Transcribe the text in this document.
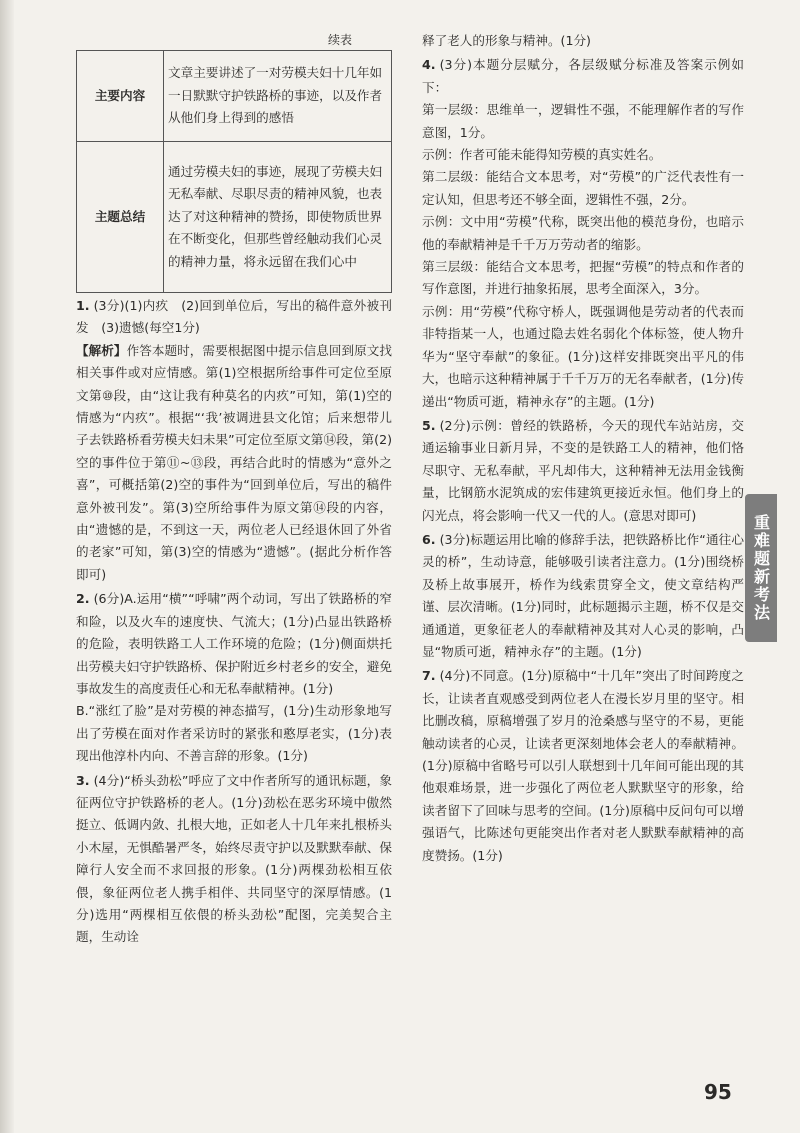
续表
主要内容	文章主要讲述了一对劳模夫妇十几年如一日默默守护铁路桥的事迹，以及作者从他们身上得到的感悟
主题总结	通过劳模夫妇的事迹，展现了劳模夫妇无私奉献、尽职尽责的精神风貌，也表达了对这种精神的赞扬，即使物质世界在不断变化，但那些曾经触动我们心灵的精神力量，将永远留在我们心中

1. (3分)(1)内疚　(2)回到单位后，写出的稿件意外被刊发　(3)遗憾(每空1分)

【解析】作答本题时，需要根据图中提示信息回到原文找相关事件或对应情感。第(1)空根据所给事件可定位至原文第⑩段，由“这让我有种莫名的内疚”可知，第(1)空的情感为“内疚”。根据“‘我’被调进县文化馆；后来想带儿子去铁路桥看劳模夫妇未果”可定位至原文第⑭段，第(2)空的事件位于第⑪~⑬段，再结合此时的情感为“意外之喜”，可概括第(2)空的事件为“回到单位后，写出的稿件意外被刊发”。第(3)空所给事件为原文第⑭段的内容，由“遗憾的是，不到这一天，两位老人已经退休回了外省的老家”可知，第(3)空的情感为“遗憾”。(据此分析作答即可)

2. (6分)A.运用“横”“呼啸”两个动词，写出了铁路桥的窄和险，以及火车的速度快、气流大；(1分)凸显出铁路桥的危险，表明铁路工人工作环境的危险；(1分)侧面烘托出劳模夫妇守护铁路桥、保护附近乡村老乡的安全，避免事故发生的高度责任心和无私奉献精神。(1分)

B.“涨红了脸”是对劳模的神态描写，(1分)生动形象地写出了劳模在面对作者采访时的紧张和憨厚老实，(1分)表现出他淳朴内向、不善言辞的形象。(1分)

3. (4分)“桥头劲松”呼应了文中作者所写的通讯标题，象征两位守护铁路桥的老人。(1分)劲松在恶劣环境中傲然挺立、低调内敛、扎根大地，正如老人十几年来扎根桥头小木屋，无惧酷暑严冬，始终尽责守护以及默默奉献、保障行人安全而不求回报的形象。(1分)两棵劲松相互依偎，象征两位老人携手相伴、共同坚守的深厚情感。(1分)选用“两棵相互依偎的桥头劲松”配图，完美契合主题，生动诠

释了老人的形象与精神。(1分)

4. (3分)本题分层赋分，各层级赋分标准及答案示例如下：

第一层级：思维单一，逻辑性不强，不能理解作者的写作意图，1分。

示例：作者可能未能得知劳模的真实姓名。

第二层级：能结合文本思考，对“劳模”的广泛代表性有一定认知，但思考还不够全面，逻辑性不强，2分。

示例：文中用“劳模”代称，既突出他的模范身份，也暗示他的奉献精神是千千万万劳动者的缩影。

第三层级：能结合文本思考，把握“劳模”的特点和作者的写作意图，并进行抽象拓展，思考全面深入，3分。

示例：用“劳模”代称守桥人，既强调他是劳动者的代表而非特指某一人，也通过隐去姓名弱化个体标签，使人物升华为“坚守奉献”的象征。(1分)这样安排既突出平凡的伟大，也暗示这种精神属于千千万万的无名奉献者，(1分)传递出“物质可逝，精神永存”的主题。(1分)

5. (2分)示例：曾经的铁路桥，今天的现代车站站房，交通运输事业日新月异，不变的是铁路工人的精神，他们恪尽职守、无私奉献，平凡却伟大，这种精神无法用金钱衡量，比钢筋水泥筑成的宏伟建筑更接近永恒。他们身上的闪光点，将会影响一代又一代的人。(意思对即可)

6. (3分)标题运用比喻的修辞手法，把铁路桥比作“通往心灵的桥”，生动诗意，能够吸引读者注意力。(1分)围绕桥及桥上故事展开，桥作为线索贯穿全文，使文章结构严谨、层次清晰。(1分)同时，此标题揭示主题，桥不仅是交通通道，更象征老人的奉献精神及其对人心灵的影响，凸显“物质可逝，精神永存”的主题。(1分)

7. (4分)不同意。(1分)原稿中“十几年”突出了时间跨度之长，让读者直观感受到两位老人在漫长岁月里的坚守。相比删改稿，原稿增强了岁月的沧桑感与坚守的不易，更能触动读者的心灵，让读者更深刻地体会老人的奉献精神。(1分)原稿中省略号可以引人联想到十几年间可能出现的其他艰难场景，进一步强化了两位老人默默坚守的形象，给读者留下了回味与思考的空间。(1分)原稿中反问句可以增强语气，比陈述句更能突出作者对老人默默奉献精神的高度赞扬。(1分)

重难题新考法
95
